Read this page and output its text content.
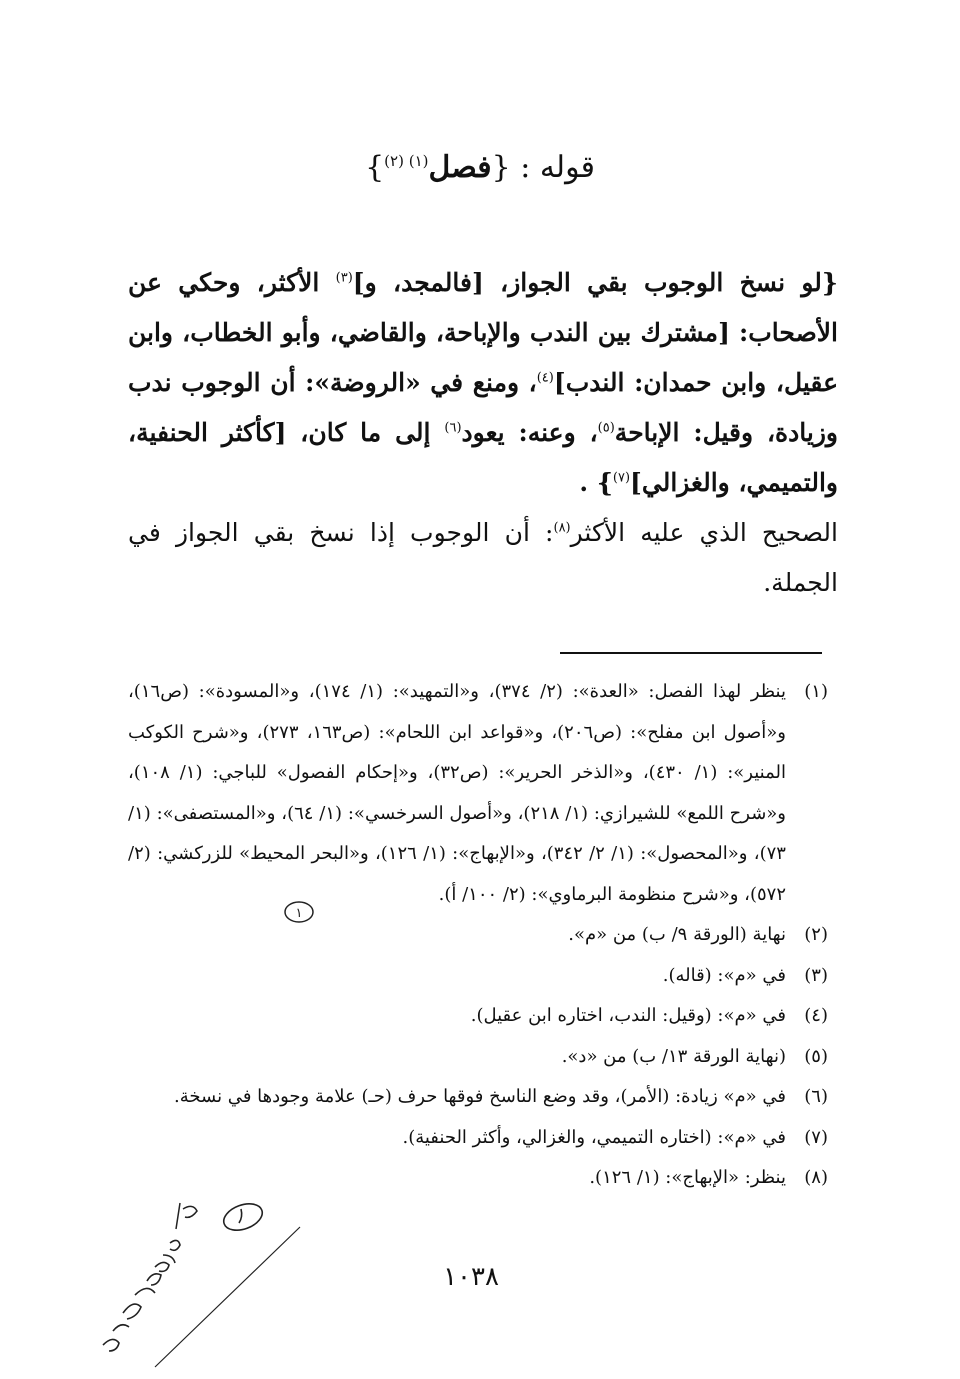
قوله : {فصل$^{(١) (٢)}$}

{لو نسخ الوجوب بقي الجواز، [فالمجد، و]$^{(٣)}$ الأكثر، وحكي عن الأصحاب: [مشترك بين الندب والإباحة، والقاضي، وأبو الخطاب، وابن عقيل، وابن حمدان: الندب]$^{(٤)}$، ومنع في «الروضة»: أن الوجوب ندب وزيادة، وقيل: الإباحة$^{(٥)}$، وعنه: يعود$^{(٦)}$ إلى ما كان، [كأكثر الحنفية، والتميمي، والغزالي]$^{(٧)}$} .

الصحيح الذي عليه الأكثر$^{(٨)}$: أن الوجوب إذا نسخ بقي الجواز في الجملة.

(١)
ينظر لهذا الفصل: «العدة»: (٢/ ٣٧٤)، و«التمهيد»: (١/ ١٧٤)، و«المسودة»: (ص١٦)، و«أصول ابن مفلح»: (ص٢٠٦)، و«قواعد ابن اللحام»: (ص١٦٣، ٢٧٣)، و«شرح الكوكب المنير»: (١/ ٤٣٠)، و«الذخر الحرير»: (ص٣٢)، و«إحكام الفصول» للباجي: (١/ ١٠٨)، و«شرح اللمع» للشيرازي: (١/ ٢١٨)، و«أصول السرخسي»: (١/ ٦٤)، و«المستصفى»: (١/ ٧٣)، و«المحصول»: (١/ ٢/ ٣٤٢)، و«الإبهاج»: (١/ ١٢٦)، و«البحر المحيط» للزركشي: (٢/ ٥٧٢)، و«شرح منظومة البرماوي»: (٢/ ١٠٠/ أ).
(٢)
نهاية (الورقة ٩/ ب) من «م».
(٣)
في «م»: (قاله).
(٤)
في «م»: (وقيل: الندب، اختاره ابن عقيل).
(٥)
(نهاية الورقة ١٣/ ب) من «د».
(٦)
في «م» زيادة: (الأمر)، وقد وضع الناسخ فوقها حرف (حـ) علامة وجودها في نسخة.
(٧)
في «م»: (اختاره التميمي، والغزالي، وأكثر الحنفية).
(٨)
ينظر: «الإبهاج»: (١/ ١٢٦).
١٠٣٨
١
